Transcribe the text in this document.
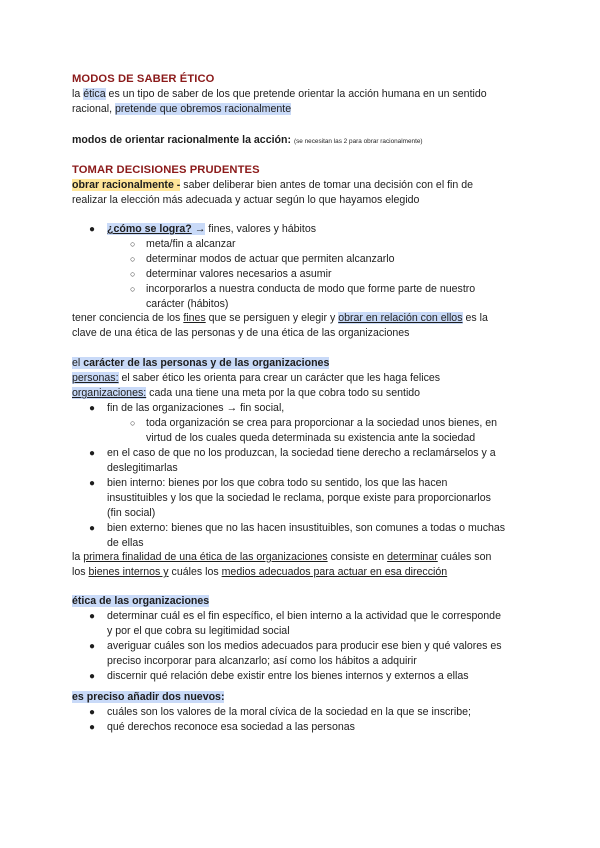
MODOS DE SABER ÉTICO
la ética es un tipo de saber de los que pretende orientar la acción humana en un sentido
racional, pretende que obremos racionalmente
modos de orientar racionalmente la acción: (se necesitan las 2 para obrar racionalmente)
TOMAR DECISIONES PRUDENTES
obrar racionalmente - saber deliberar bien antes de tomar una decisión con el fin de
realizar la elección más adecuada y actuar según lo que hayamos elegido
● ¿cómo se logra? → fines, valores y hábitos
○ meta/fin a alcanzar
○ determinar modos de actuar que permiten alcanzarlo
○ determinar valores necesarios a asumir
○ incorporarlos a nuestra conducta de modo que forme parte de nuestro
carácter (hábitos)
tener conciencia de los fines que se persiguen y elegir y obrar en relación con ellos es la
clave de una ética de las personas y de una ética de las organizaciones
el carácter de las personas y de las organizaciones
personas: el saber ético les orienta para crear un carácter que les haga felices
organizaciones: cada una tiene una meta por la que cobra todo su sentido
● fin de las organizaciones → fin social,
○ toda organización se crea para proporcionar a la sociedad unos bienes, en
virtud de los cuales queda determinada su existencia ante la sociedad
● en el caso de que no los produzcan, la sociedad tiene derecho a reclamárselos y a
deslegitimarlas
● bien interno: bienes por los que cobra todo su sentido, los que las hacen
insustituibles y los que la sociedad le reclama, porque existe para proporcionarlos
(fin social)
● bien externo: bienes que no las hacen insustituibles, son comunes a todas o muchas
de ellas
la primera finalidad de una ética de las organizaciones consiste en determinar cuáles son
los bienes internos y cuáles los medios adecuados para actuar en esa dirección
ética de las organizaciones
● determinar cuál es el fin específico, el bien interno a la actividad que le corresponde
y por el que cobra su legitimidad social
● averiguar cuáles son los medios adecuados para producir ese bien y qué valores es
preciso incorporar para alcanzarlo; así como los hábitos a adquirir
● discernir qué relación debe existir entre los bienes internos y externos a ellas
es preciso añadir dos nuevos:
● cuáles son los valores de la moral cívica de la sociedad en la que se inscribe;
● qué derechos reconoce esa sociedad a las personas
